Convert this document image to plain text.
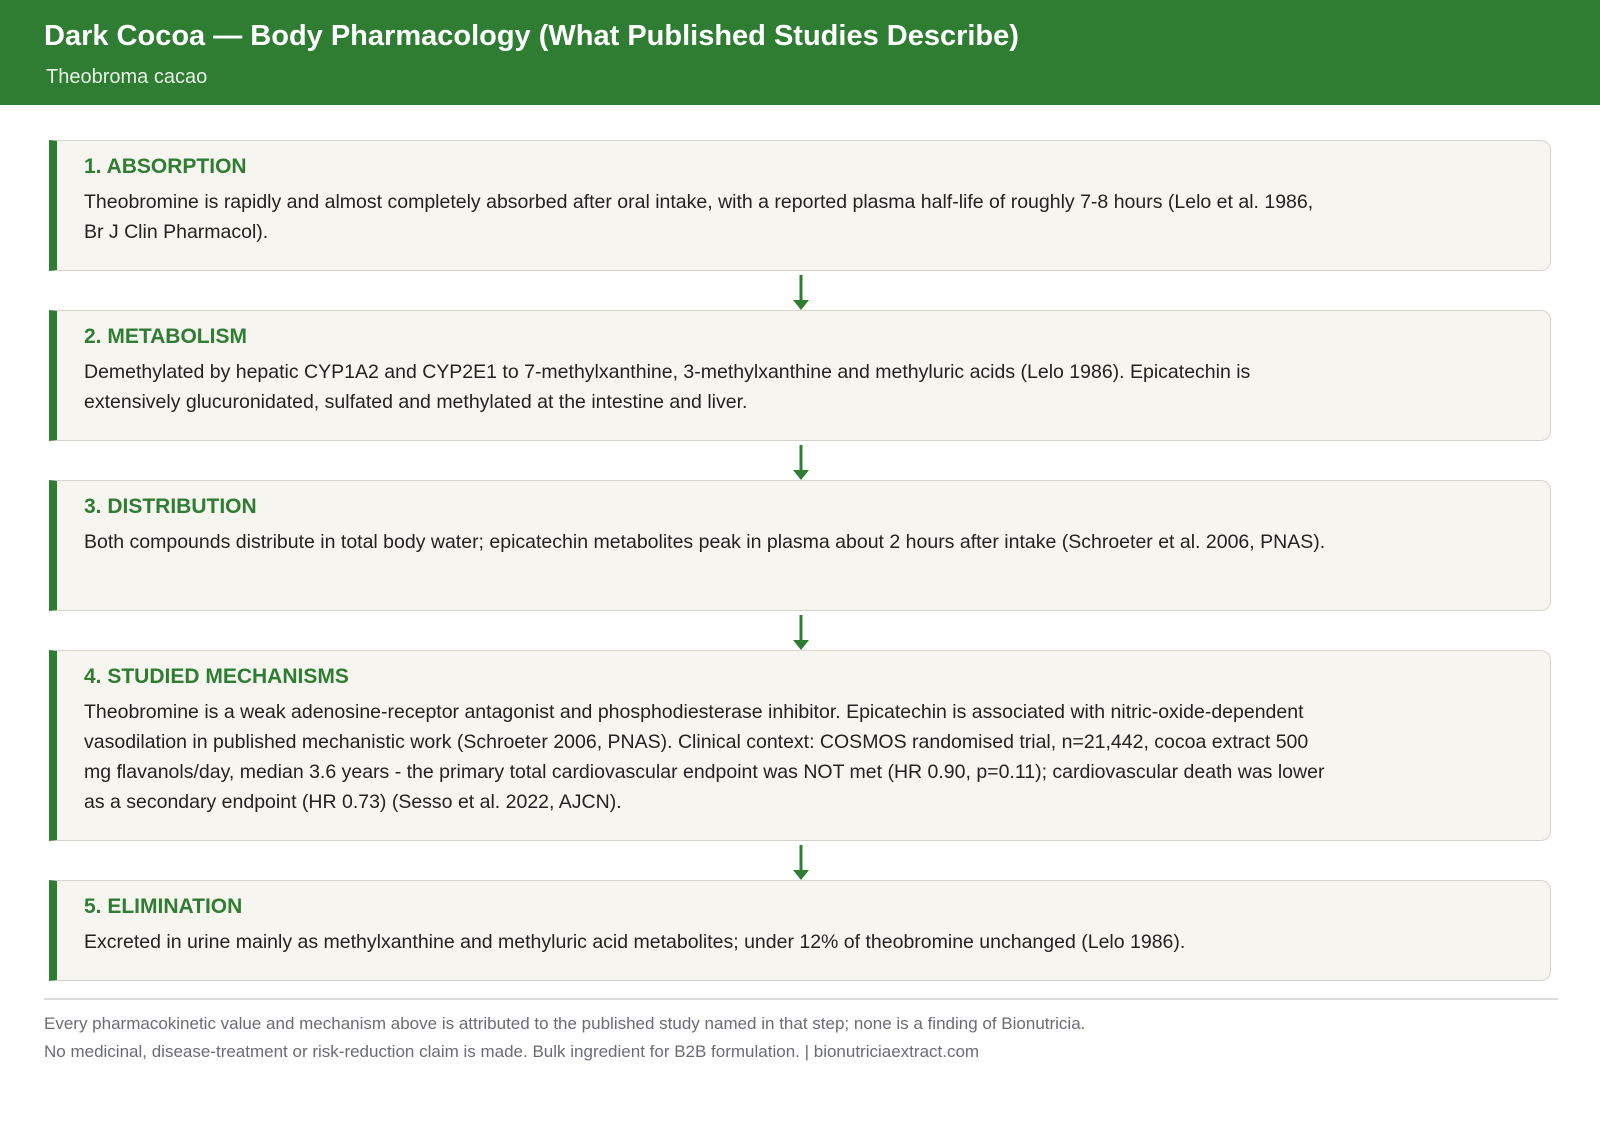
Dark Cocoa — Body Pharmacology (What Published Studies Describe)
Theobroma cacao
1. ABSORPTION
Theobromine is rapidly and almost completely absorbed after oral intake, with a reported plasma half-life of roughly 7-8 hours (Lelo et al. 1986, Br J Clin Pharmacol).
2. METABOLISM
Demethylated by hepatic CYP1A2 and CYP2E1 to 7-methylxanthine, 3-methylxanthine and methyluric acids (Lelo 1986). Epicatechin is extensively glucuronidated, sulfated and methylated at the intestine and liver.
3. DISTRIBUTION
Both compounds distribute in total body water; epicatechin metabolites peak in plasma about 2 hours after intake (Schroeter et al. 2006, PNAS).
4. STUDIED MECHANISMS
Theobromine is a weak adenosine-receptor antagonist and phosphodiesterase inhibitor. Epicatechin is associated with nitric-oxide-dependent vasodilation in published mechanistic work (Schroeter 2006, PNAS). Clinical context: COSMOS randomised trial, n=21,442, cocoa extract 500 mg flavanols/day, median 3.6 years - the primary total cardiovascular endpoint was NOT met (HR 0.90, p=0.11); cardiovascular death was lower as a secondary endpoint (HR 0.73) (Sesso et al. 2022, AJCN).
5. ELIMINATION
Excreted in urine mainly as methylxanthine and methyluric acid metabolites; under 12% of theobromine unchanged (Lelo 1986).
Every pharmacokinetic value and mechanism above is attributed to the published study named in that step; none is a finding of Bionutricia.
No medicinal, disease-treatment or risk-reduction claim is made. Bulk ingredient for B2B formulation. | bionutriciaextract.com
